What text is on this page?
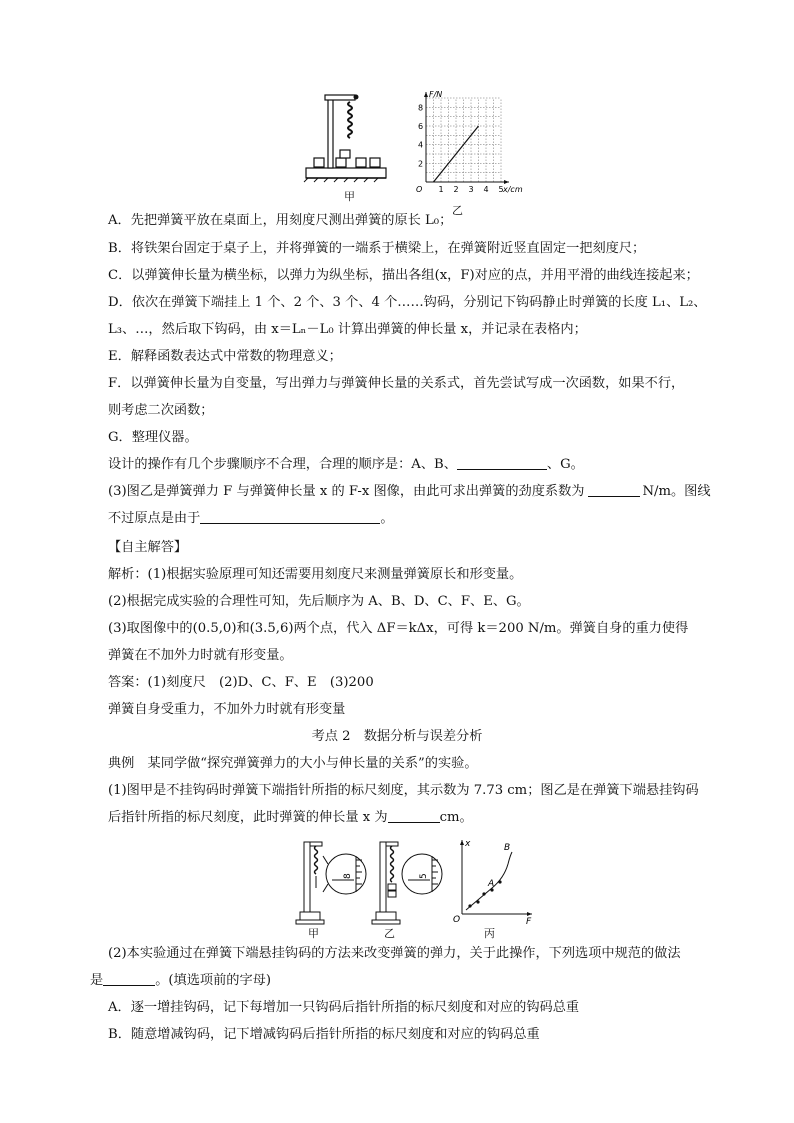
甲
1 2 3 4 5
2
4
6
8
O
F/N
x/cm
乙
A．先把弹簧平放在桌面上，用刻度尺测出弹簧的原长 L₀；
B．将铁架台固定于桌子上，并将弹簧的一端系于横梁上，在弹簧附近竖直固定一把刻度尺；
C．以弹簧伸长量为横坐标，以弹力为纵坐标，描出各组(x，F)对应的点，并用平滑的曲线连接起来；
D．依次在弹簧下端挂上 1 个、2 个、3 个、4 个……钩码，分别记下钩码静止时弹簧的长度 L₁、L₂、
L₃、…，然后取下钩码，由 x＝Lₙ－L₀ 计算出弹簧的伸长量 x，并记录在表格内；
E．解释函数表达式中常数的物理意义；
F．以弹簧伸长量为自变量，写出弹力与弹簧伸长量的关系式，首先尝试写成一次函数，如果不行，
则考虑二次函数；
G．整理仪器。
设计的操作有几个步骤顺序不合理，合理的顺序是：A、B、	、G。
(3)图乙是弹簧弹力 F 与弹簧伸长量 x 的 F-x 图像，由此可求出弹簧的劲度系数为	N/m。图线
不过原点是由于	。
【自主解答】
解析：(1)根据实验原理可知还需要用刻度尺来测量弹簧原长和形变量。
(2)根据完成实验的合理性可知，先后顺序为 A、B、D、C、F、E、G。
(3)取图像中的(0.5,0)和(3.5,6)两个点，代入 ΔF＝kΔx，可得 k＝200 N/m。弹簧自身的重力使得
弹簧在不加外力时就有形变量。
答案：(1)刻度尺　(2)D、C、F、E　(3)200
弹簧自身受重力，不加外力时就有形变量
考点 2　数据分析与误差分析
典例　某同学做“探究弹簧弹力的大小与伸长量的关系”的实验。
(1)图甲是不挂钩码时弹簧下端指针所指的标尺刻度，其示数为 7.73 cm；图乙是在弹簧下端悬挂钩码
后指针所指的标尺刻度，此时弹簧的伸长量 x 为	cm。
8	5
A
B
x
F
O
甲	乙	丙
(2)本实验通过在弹簧下端悬挂钩码的方法来改变弹簧的弹力，关于此操作，下列选项中规范的做法
是	。(填选项前的字母)
A．逐一增挂钩码，记下每增加一只钩码后指针所指的标尺刻度和对应的钩码总重
B．随意增减钩码，记下增减钩码后指针所指的标尺刻度和对应的钩码总重
